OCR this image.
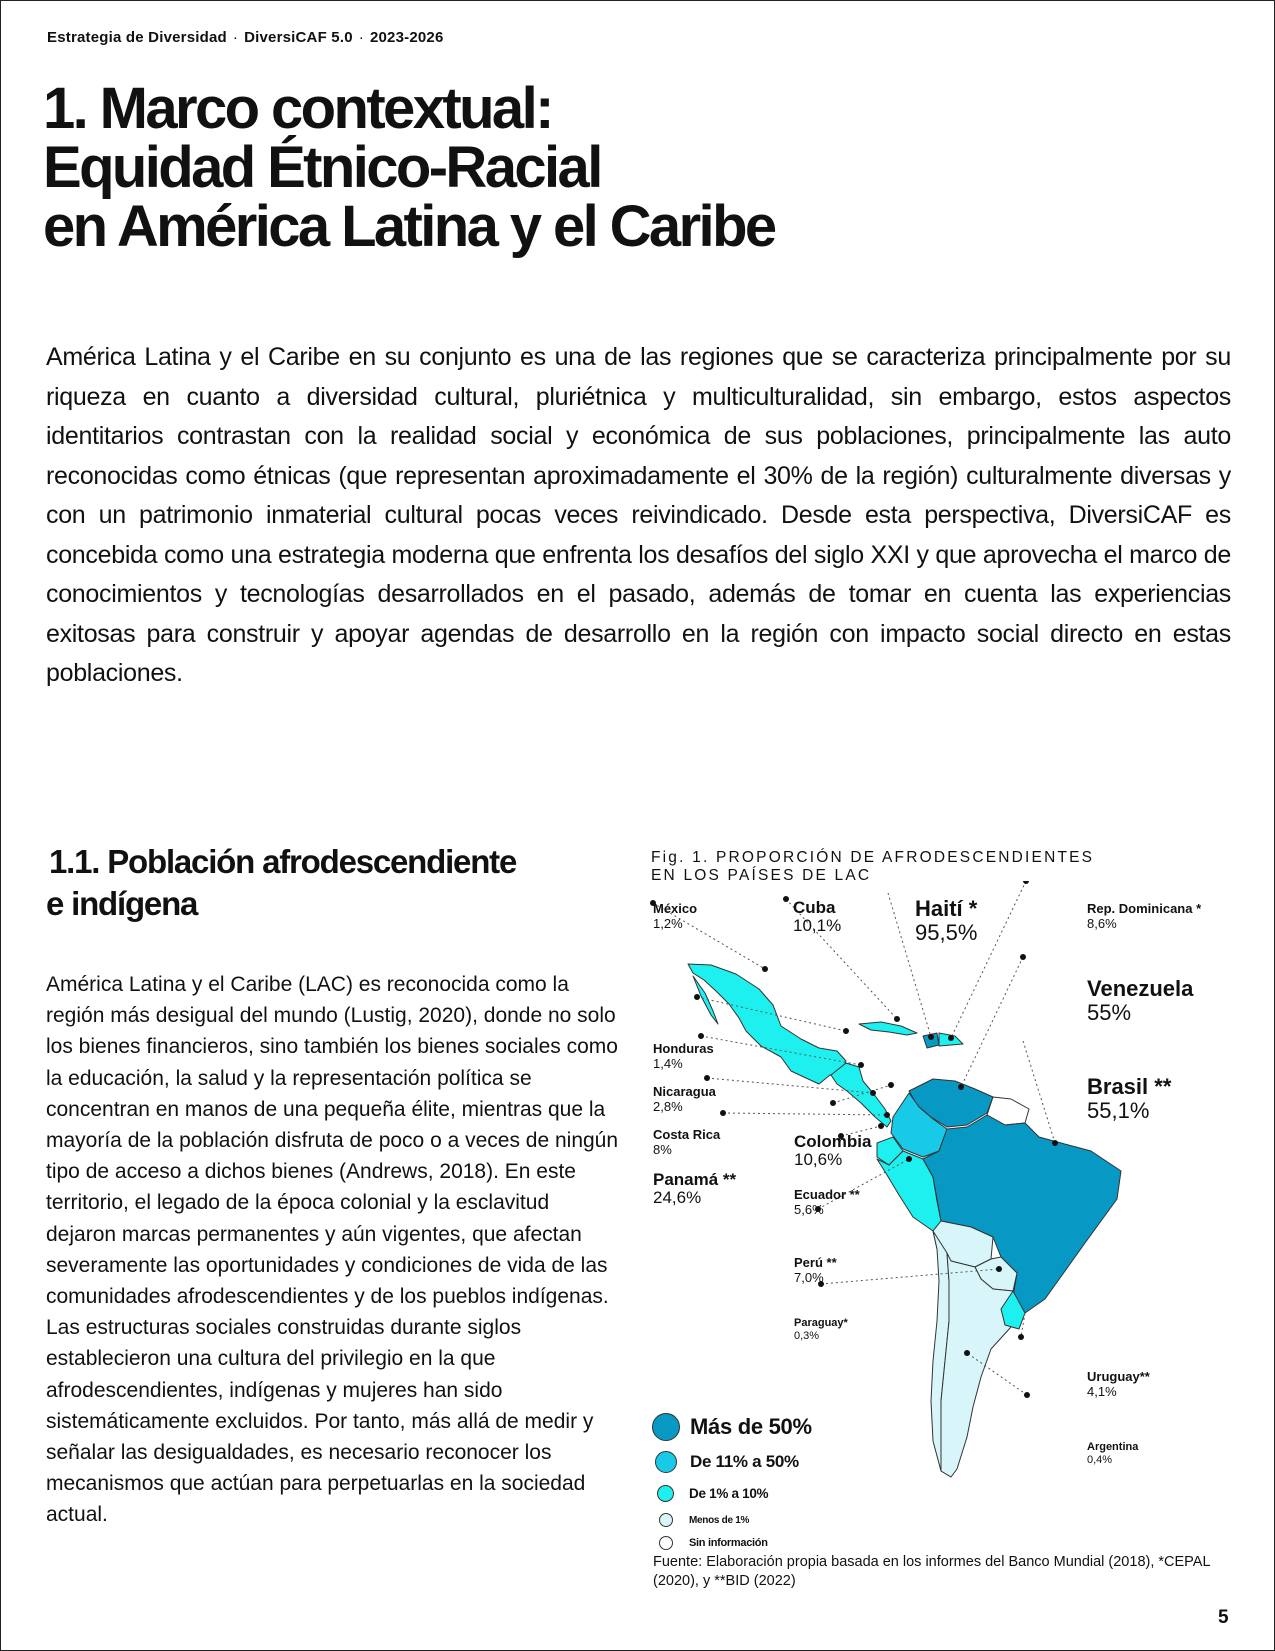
Estrategia de Diversidad · DiversiCAF 5.0 · 2023-2026
1. Marco contextual:
Equidad Étnico-Racial
en América Latina y el Caribe

América Latina y el Caribe en su conjunto es una de las regiones que se caracteriza principalmente por su riqueza en cuanto a diversidad cultural, pluriétnica y multiculturalidad, sin embargo, estos aspectos identitarios contrastan con la realidad social y económica de sus poblaciones, principalmente las auto reconocidas como étnicas (que representan aproximadamente el 30% de la región) culturalmente diversas y con un patrimonio inmaterial cultural pocas veces reivindicado. Desde esta perspectiva, DiversiCAF es concebida como una estrategia moderna que enfrenta los desafíos del siglo XXI y que aprovecha el marco de conocimientos y tecnologías desarrollados en el pasado, además de tomar en cuenta las experiencias exitosas para construir y apoyar agendas de desarrollo en la región con impacto social directo en estas poblaciones.

1.1. Población afrodescendiente
e indígena

América Latina y el Caribe (LAC) es reconocida como la región más desigual del mundo (Lustig, 2020), donde no solo los bienes financieros, sino también los bienes sociales como la educación, la salud y la representación política se concentran en manos de una pequeña élite, mientras que la mayoría de la población disfruta de poco o a veces de ningún tipo de acceso a dichos bienes (Andrews, 2018). En este territorio, el legado de la época colonial y la esclavitud dejaron marcas permanentes y aún vigentes, que afectan severamente las oportunidades y condiciones de vida de las comunidades afrodescendientes y de los pueblos indígenas. Las estructuras sociales construidas durante siglos establecieron una cultura del privilegio en la que afrodescendientes, indígenas y mujeres han sido sistemáticamente excluidos. Por tanto, más allá de medir y señalar las desigualdades, es necesario reconocer los mecanismos que actúan para perpetuarlas en la sociedad actual.

Fig. 1. PROPORCIÓN DE AFRODESCENDIENTES
EN LOS PAÍSES DE LAC
México
1,2%
Cuba
10,1%
Haití *
95,5%
Rep. Dominicana *
8,6%
Venezuela
55%
Brasil **
55,1%
Honduras
1,4%
Nicaragua
2,8%
Costa Rica
8%	Colombia
10,6%
Panamá **
24,6%	Ecuador **
5,6%
Perú **
7,0%
Paraguay*
0,3%
Uruguay**
4,1%
Argentina
0,4%
Más de 50%
De 11% a 50%
De 1% a 10%
Menos de 1%
Sin información
Fuente: Elaboración propia basada en los informes del Banco Mundial (2018), *CEPAL (2020), y **BID (2022)
5
